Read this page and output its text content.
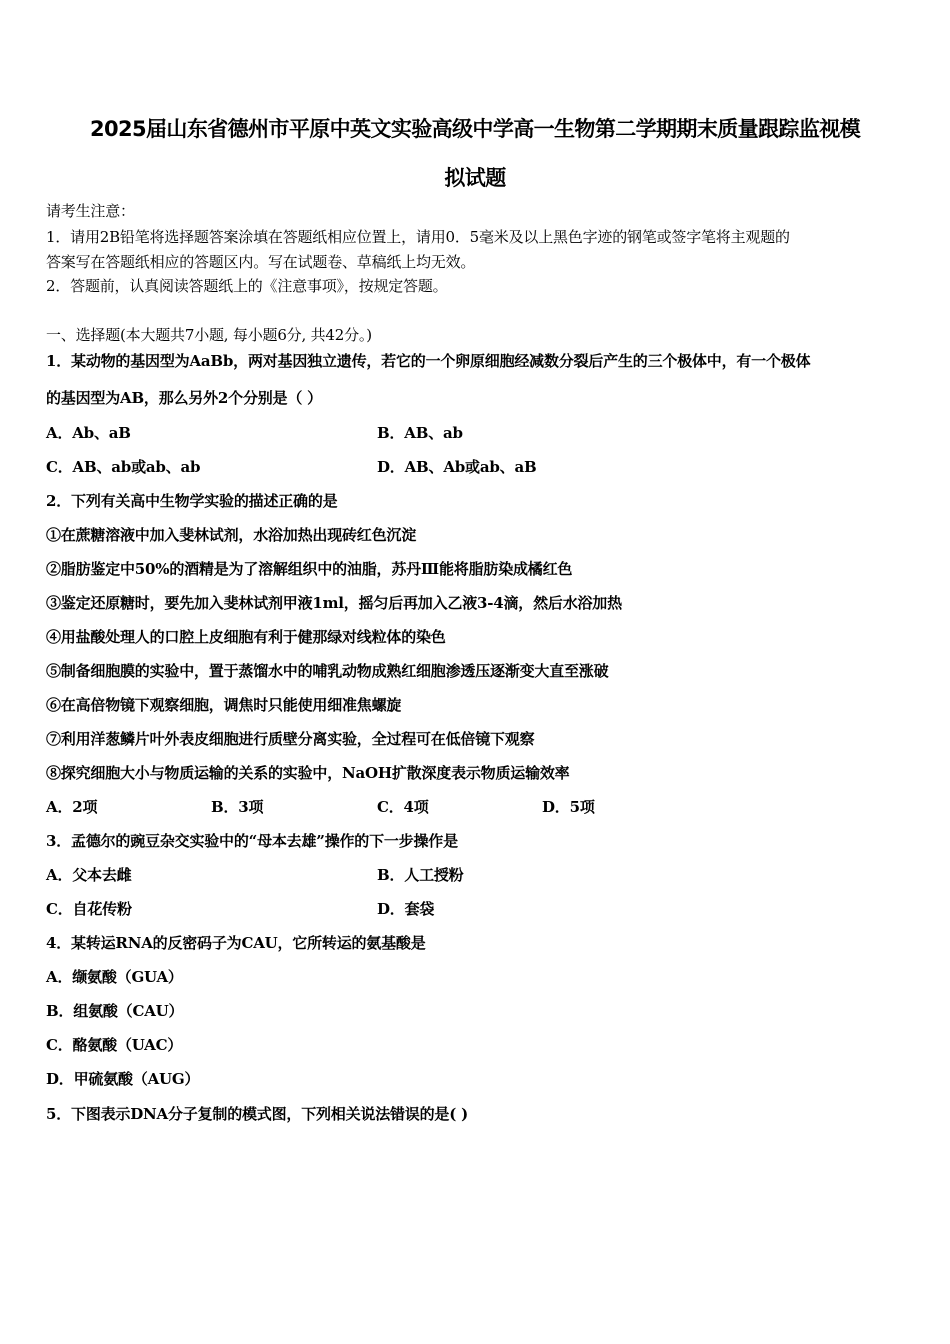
2025届山东省德州市平原中英文实验高级中学高一生物第二学期期末质量跟踪监视模
拟试题
请考生注意：
1．请用2B铅笔将选择题答案涂填在答题纸相应位置上，请用0．5毫米及以上黑色字迹的钢笔或签字笔将主观题的
答案写在答题纸相应的答题区内。写在试题卷、草稿纸上均无效。
2．答题前，认真阅读答题纸上的《注意事项》，按规定答题。
一、选择题(本大题共7小题, 每小题6分, 共42分。)
1．某动物的基因型为AaBb，两对基因独立遗传，若它的一个卵原细胞经减数分裂后产生的三个极体中，有一个极体
的基因型为AB，那么另外2个分别是（ ）
A．Ab、aB	B．AB、ab
C．AB、ab或ab、ab	D．AB、Ab或ab、aB
2．下列有关高中生物学实验的描述正确的是
①在蔗糖溶液中加入斐林试剂，水浴加热出现砖红色沉淀
②脂肪鉴定中50%的酒精是为了溶解组织中的油脂，苏丹Ⅲ能将脂肪染成橘红色
③鉴定还原糖时，要先加入斐林试剂甲液1ml，摇匀后再加入乙液3-4滴，然后水浴加热
④用盐酸处理人的口腔上皮细胞有利于健那绿对线粒体的染色
⑤制备细胞膜的实验中，置于蒸馏水中的哺乳动物成熟红细胞渗透压逐渐变大直至涨破
⑥在高倍物镜下观察细胞，调焦时只能使用细准焦螺旋
⑦利用洋葱鳞片叶外表皮细胞进行质壁分离实验，全过程可在低倍镜下观察
⑧探究细胞大小与物质运输的关系的实验中，NaOH扩散深度表示物质运输效率
A．2项	B．3项	C．4项	D．5项
3．孟德尔的豌豆杂交实验中的“母本去雄”操作的下一步操作是
A．父本去雌	B．人工授粉
C．自花传粉	D．套袋
4．某转运RNA的反密码子为CAU，它所转运的氨基酸是
A．缬氨酸（GUA）
B．组氨酸（CAU）
C．酪氨酸（UAC）
D．甲硫氨酸（AUG）
5．下图表示DNA分子复制的模式图，下列相关说法错误的是( )
